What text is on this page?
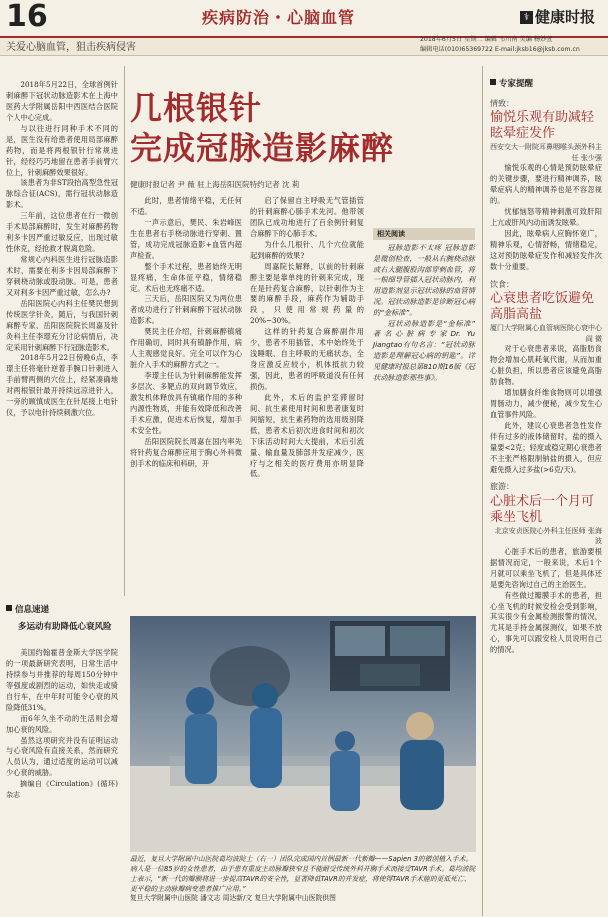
16	疾病防治・心脑血管	⚕ 健康时报
关爱心脑血管，狙击疾病侵害
2018年6月5日 星期二 编辑 韦川南 美编 杨妙萱
编辑电话(010)65369722 E-mail:jksb16@jksb.com.cn
几根银针
完成冠脉造影麻醉
健康时报记者 尹 薇 驻上海岳阳医院特约记者 沈 莉

2018年5月22日，全球首例针刺麻醉下冠状动脉造影术在上海中医药大学附属岳阳中西医结合医院个人中心完成。

与以往进行同种手术不同的是，医生没有给患者使用局部麻醉药物，而是将两根银针行常规进针，经经巧巧地留在患者手前臂穴位上，针刺麻醉效果很好。

该患者为非ST段抬高型急性冠脉综合征(ACS)，需行冠状动脉造影术。

三年前，这位患者在行一微创手术局部麻醉时，发生对麻醉药物利多卡因严重过敏反应，出现过敏性休克，经抢救才脱离危险。

常规心内科医生进行冠脉造影术时，需要在利多卡因局部麻醉下穿刺桡动脉或股动脉。可是，患者又对利多卡因严重过敏，怎么办?

岳阳医院心内科主任樊民想到传统医学针灸，随后，与我国针刺麻醉专家、岳阳医院院长周嘉及针灸科主任李璟充分讨论病情后，决定采用针刺麻醉下行冠脉造影术。

2018年5月22日傍晚6点，李璟主任将毫针逆着手腕口针刺进入手前臂两侧的穴位上，经紧凑确地对两根银针最开持续远凉进针入，一旁的顾慎成医生在针尾接上电针仪，予以电针持续刺激穴位。

此时，患者情绪平稳，无任何不适。

一声示意后，樊民、朱岩峰医生在患者右手桡动脉进行穿刺、置管，成功完成冠脉造影+血管内超声检查。

整个手术过程，患者始终无明显疼痛，生命体征平稳，情绪稳定。术后也无疼痛不适。

三天后，岳阳医院又为两位患者成功进行了针刺麻醉下冠状动脉造影术。

樊民主任介绍，针刺麻醉镇痛作用确切，同时具有镇静作用，病人主观感觉良好。完全可以作为心脏介入手术的麻醉方式之一。

李璟主任认为针刺麻醉能发挥多层次、多靶点的双向调节效应，激发机体释放具有镇痛作用的多种内源性物质，并能有效降低和改善手术应激，促进术后恢复，增加手术安全性。

岳阳医院院长周嘉在国内率先将针药复合麻醉应用于胸心外科微创手术的临床和科研，开

启了保留自主呼吸无气管插管的针刺麻醉心肺手术先河。他带领团队已成功地进行了百余例针刺复合麻醉下的心肺手术。

为什么几根针、几个穴位就能起到麻醉的效果?

周嘉院长解释，以前的针刺麻醉主要是靠单纯的针刺来完成，现在是针药复合麻醉，以针刺作为主要的麻醉手段，麻药作为辅助手段，只使用常规药量的20%~30%。

这样的针药复合麻醉副作用少，患者不用插管，术中始终处于浅睡眠、自主呼吸的无痛状态，全身应激反应较小，机体抵抗力较强，因此，患者的呼吸道没有任何损伤。

此外，术后的监护室滞留时间、抗生素使用时间和患者康复时间缩短，抗生素药物的选用级别降低，患者术后初次进食时间和初次下床活动时间大大提前，术后引流量、输血量及肺部并发症减少，医疗与之相关的医疗费用亦明显降低。

相关阅读

冠脉造影不太疼 冠脉造影是微创检查，一般从右腕桡动脉或右大腿腹股沟部穿刺血管，将一根细导管插入冠状动脉内，利用造影剂显示冠状动脉的血管情况。冠状动脉造影是诊断冠心病的“金标准”。

冠状动脉造影是“金标准” 著名心脏病专家Dr. Yu Jiangtao有句名言：“冠状动脉造影是理解冠心病的钥匙”。详见健康时报总第810期16版《冠状动脉造影那些事》。

专家提醒
情致：
愉悦乐观有助减轻眩晕症发作
西安交大一附院耳鼻咽喉头颈外科主任 张少强

愉悦乐观的心情是预防眩晕症的关键步骤，要进行精神调养，眩晕症病人的精神调养也是不容忽视的。

忧郁恼怒等精神刺激可致肝阳上亢或肝风内动而诱发眩晕。

因此，眩晕病人应胸怀宽广，精神乐观，心情舒畅，情绪稳定，这对预防眩晕症发作和减轻发作次数十分重要。

饮食：
心衰患者吃饭避免高脂高盐
厦门大学附属心血管病医院心衰中心 阎 微

对于心衰患者来说，高脂肪食物会增加心肌耗氧代谢，从而加重心脏负担，所以患者应该避免高脂肪食物。

增加膳食纤维食物则可以增强胃肠动力，减少便秘，减少发生心血管事件风险。

此外，建议心衰患者急性发作伴有过多的液体储留时，盐的摄入量要<2克；轻度或稳定期心衰患者不主张严格限制钠盐的摄入，但应避免摄入过多盐(>6克/天)。

旅游：
心脏术后一个月可乘坐飞机
北京安贞医院心外科主任医师 张海波

心脏手术后的患者，旅游要根据情况而定，一般来说，术后1个月就可以乘坐飞机了，但是具体还是要先咨询过自己的主治医生。

有些做过瓣膜手术的患者，担心坐飞机的时候安检会受到影响，其实很少有金属检测报警的情况，尤其是手持金属探测仪，如果不放心，事先可以跟安检人员说明自己的情况。

信息速递
多运动有助降低心衰风险

美国约翰霍普金斯大学医学院的一项最新研究表明，日常生活中持续参与并推荐的每周150分钟中等强度或剧烈的运动，如快走或骑自行车，在中年时可能令心衰的风险降低31%。

而6年久坐不动的生活则会增加心衰的风险。

虽然这项研究并没有证明运动与心衰风险有直接关系，然而研究人员认为，通过适度的运动可以减少心衰的威胁。

摘编自《Circulation》(循环)杂志

最近，复旦大学附属中山医院葛均波院士（右一）团队完成国内首例最新一代新瓣——Sapien 3的微创植入手术。病人是一位85岁的女性患者，由于患有重度主动脉瓣狭窄且不能耐受传统外科开胸手术而接受TAVR手术。葛均波院士表示，“新一代的瓣膜将进一步提高TAVR的安全性，显著降低TAVR的并发症，将使得TAVR手术能的更低死亡、更平稳的主动脉瓣病变患者推广应用。”
复旦大学附属中山医院 潘文志 周达新/文 复旦大学附属中山医院供图
